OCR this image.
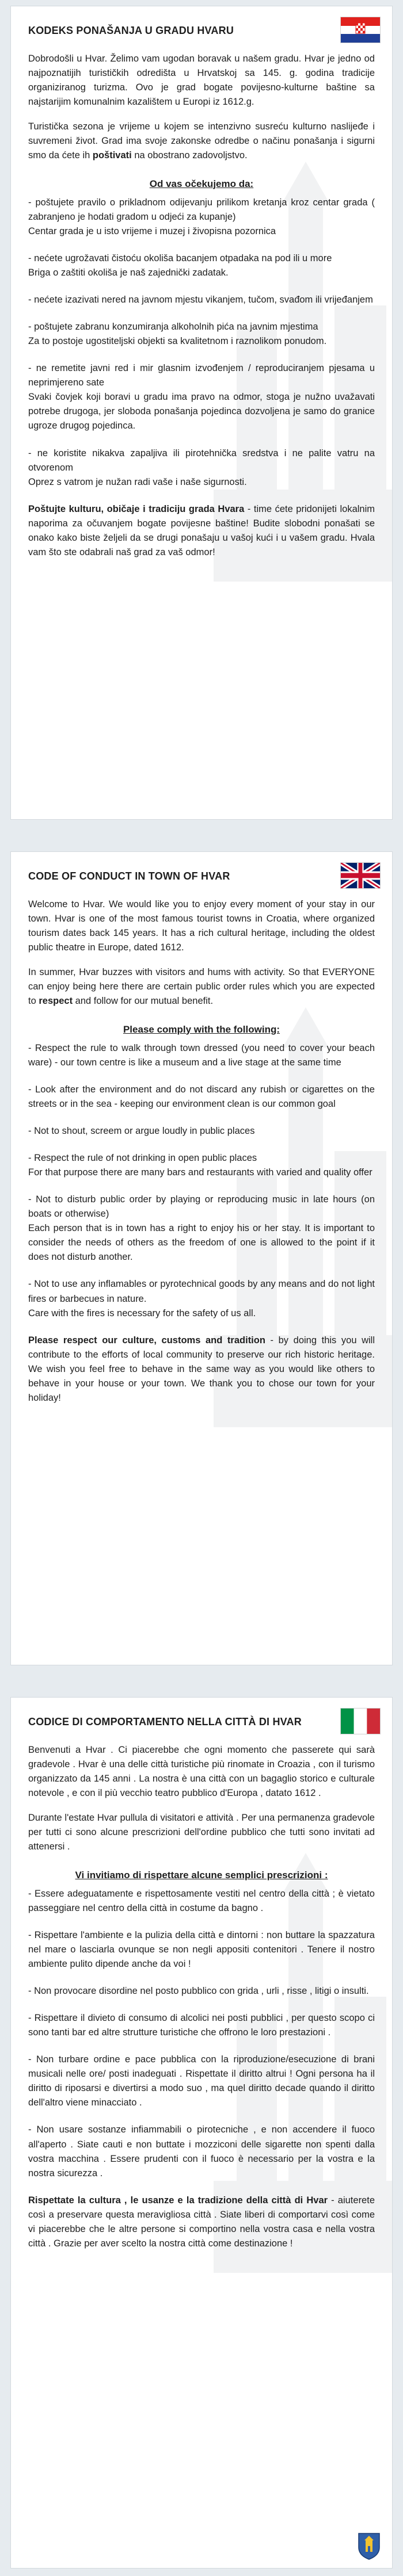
KODEKS PONAŠANJA U GRADU HVARU

Dobrodošli u Hvar. Želimo vam ugodan boravak u našem gradu. Hvar je jedno od najpoznatijih turističkih odredišta u Hrvatskoj sa 145. g. godina tradicije organiziranog turizma. Ovo je grad bogate povijesno-kulturne baštine sa najstarijim komunalnim kazalištem u Europi iz 1612.g.

Turistička sezona je vrijeme u kojem se intenzivno susreću kulturno naslijeđe i suvremeni život. Grad ima svoje zakonske odredbe o načinu ponašanja i sigurni smo da ćete ih poštivati na obostrano zadovoljstvo.

Od vas očekujemo da:

- poštujete pravilo o prikladnom odijevanju prilikom kretanja kroz centar grada ( zabranjeno je hodati gradom u odjeći za kupanje)

Centar grada je u isto vrijeme i muzej i živopisna pozornica

- nećete ugrožavati čistoću okoliša bacanjem otpadaka na pod ili u more

Briga o zaštiti okoliša je naš zajednički zadatak.

- nećete izazivati nered na javnom mjestu vikanjem, tučom, svađom ili vrijeđanjem

- poštujete zabranu konzumiranja alkoholnih pića na javnim mjestima

Za to postoje ugostiteljski objekti sa kvalitetnom i raznolikom ponudom.

- ne remetite javni red i mir glasnim izvođenjem / reproduciranjem pjesama u neprimjereno sate

Svaki čovjek koji boravi u gradu ima pravo na odmor, stoga je nužno uvažavati potrebe drugoga, jer sloboda ponašanja pojedinca dozvoljena je samo do granice ugroze drugog pojedinca.

- ne koristite nikakva zapaljiva ili pirotehnička sredstva i ne palite vatru na otvorenom

Oprez s vatrom je nužan radi vaše i naše sigurnosti.

Poštujte kulturu, običaje i tradiciju grada Hvara - time ćete pridonijeti lokalnim naporima za očuvanjem bogate povijesne baštine! Budite slobodni ponašati se onako kako biste željeli da se drugi ponašaju u vašoj kući i u vašem gradu. Hvala vam što ste odabrali naš grad za vaš odmor!

CODE OF CONDUCT IN TOWN OF HVAR

Welcome to Hvar. We would like you to enjoy every moment of your stay in our town. Hvar is one of the most famous tourist towns in Croatia, where organized tourism dates back 145 years. It has a rich cultural heritage, including the oldest public theatre in Europe, dated 1612.

In summer, Hvar buzzes with visitors and hums with activity. So that EVERYONE can enjoy being here there are certain public order rules which you are expected to respect and follow for our mutual benefit.

Please comply with the following:

- Respect the rule to walk through town dressed (you need to cover your beach ware) - our town centre is like a museum and a live stage at the same time

- Look after the environment and do not discard any rubish or cigarettes on the streets or in the sea - keeping our environment clean is our common goal

- Not to shout, screem or argue loudly in public places

- Respect the rule of not drinking in open public places

For that purpose there are many bars and restaurants with varied and quality offer

- Not to disturb public order by playing or reproducing music in late hours (on boats or otherwise)

Each person that is in town has a right to enjoy his or her stay. It is important to consider the needs of others as the freedom of one is allowed to the point if it does not disturb another.

- Not to use any inflamables or pyrotechnical goods by any means and do not light fires or barbecues in nature.

Care with the fires is necessary for the safety of us all.

Please respect our culture, customs and tradition - by doing this you will contribute to the efforts of local community to preserve our rich historic heritage. We wish you feel free to behave in the same way as you would like others to behave in your house or your town. We thank you to chose our town for your holiday!

CODICE DI COMPORTAMENTO NELLA CITTÀ DI HVAR

Benvenuti a Hvar . Ci piacerebbe che ogni momento che passerete qui sarà gradevole . Hvar è una delle città turistiche più rinomate in Croazia , con il turismo organizzato da 145 anni . La nostra è una città con un bagaglio storico e culturale notevole , e con il più vecchio teatro pubblico d'Europa , datato 1612 .

Durante l'estate Hvar pullula di visitatori e attività . Per una permanenza gradevole per tutti ci sono alcune prescrizioni dell'ordine pubblico che tutti sono invitati ad attenersi .

Vi invitiamo di rispettare alcune semplici prescrizioni :

- Essere adeguatamente e rispettosamente vestiti nel centro della città ; è vietato passeggiare nel centro della città in costume da bagno .

- Rispettare l'ambiente e la pulizia della città e dintorni : non buttare la spazzatura nel mare o lasciarla ovunque se non negli appositi contenitori . Tenere il nostro ambiente pulito dipende anche da voi !

- Non provocare disordine nel posto pubblico con grida , urli , risse , litigi o insulti.

- Rispettare il divieto di consumo di alcolici nei posti pubblici , per questo scopo ci sono tanti bar ed altre strutture turistiche che offrono le loro prestazioni .

- Non turbare ordine e pace pubblica con la riproduzione/esecuzione di brani musicali nelle ore/ posti inadeguati . Rispettate il diritto altrui ! Ogni persona ha il diritto di riposarsi e divertirsi a modo suo , ma quel diritto decade quando il diritto dell'altro viene minacciato .

- Non usare sostanze infiammabili o pirotecniche , e non accendere il fuoco all'aperto . Siate cauti e non buttate i mozziconi delle sigarette non spenti dalla vostra macchina . Essere prudenti con il fuoco è necessario per la vostra e la nostra sicurezza .

Rispettate la cultura , le usanze e la tradizione della città di Hvar - aiuterete così a preservare questa meravigliosa città . Siate liberi di comportarvi così come vi piacerebbe che le altre persone si comportino nella vostra casa e nella vostra città . Grazie per aver scelto la nostra città come destinazione !
